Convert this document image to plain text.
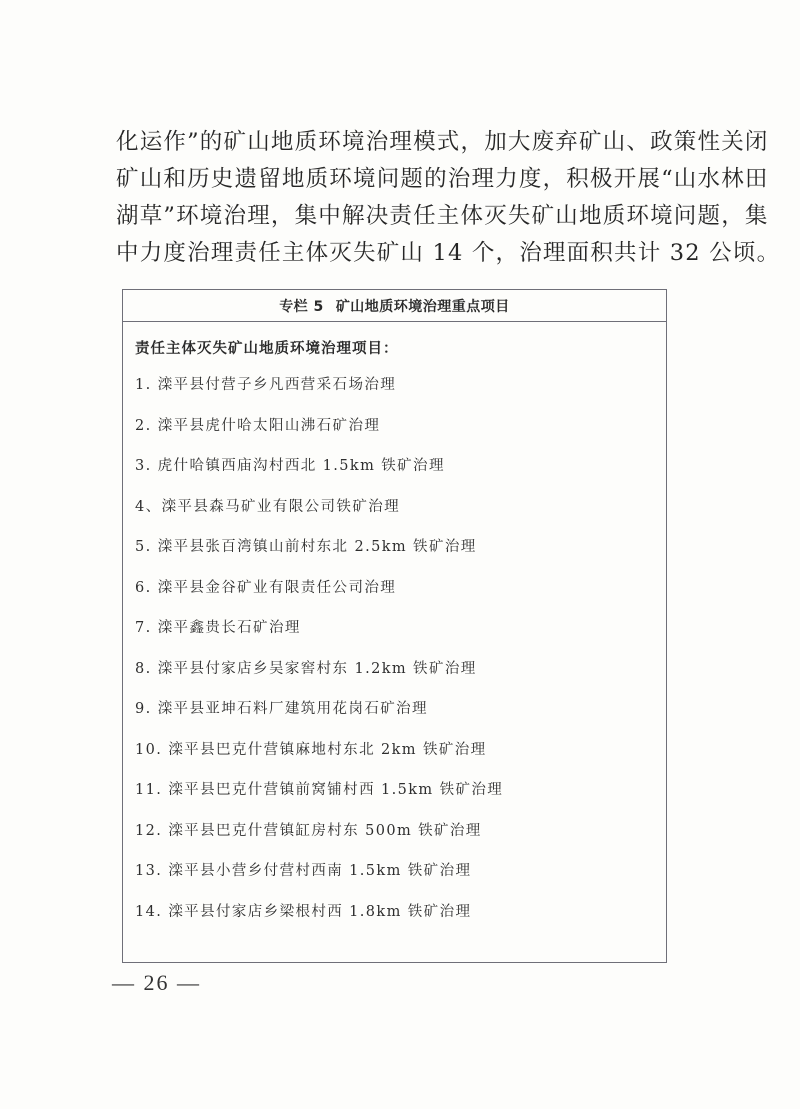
化运作”的矿山地质环境治理模式，加大废弃矿山、政策性关闭

矿山和历史遗留地质环境问题的治理力度，积极开展“山水林田

湖草”环境治理，集中解决责任主体灭失矿山地质环境问题，集

中力度治理责任主体灭失矿山 14 个，治理面积共计 32 公顷。

专栏 5 矿山地质环境治理重点项目
责任主体灭失矿山地质环境治理项目：
1. 滦平县付营子乡凡西营采石场治理
2. 滦平县虎什哈太阳山沸石矿治理
3. 虎什哈镇西庙沟村西北 1.5km 铁矿治理
4、滦平县森马矿业有限公司铁矿治理
5. 滦平县张百湾镇山前村东北 2.5km 铁矿治理
6. 滦平县金谷矿业有限责任公司治理
7. 滦平鑫贵长石矿治理
8. 滦平县付家店乡吴家窖村东 1.2km 铁矿治理
9. 滦平县亚坤石料厂建筑用花岗石矿治理
10. 滦平县巴克什营镇麻地村东北 2km 铁矿治理
11. 滦平县巴克什营镇前窝铺村西 1.5km 铁矿治理
12. 滦平县巴克什营镇缸房村东 500m 铁矿治理
13. 滦平县小营乡付营村西南 1.5km 铁矿治理
14. 滦平县付家店乡梁根村西 1.8km 铁矿治理
— 26 —
